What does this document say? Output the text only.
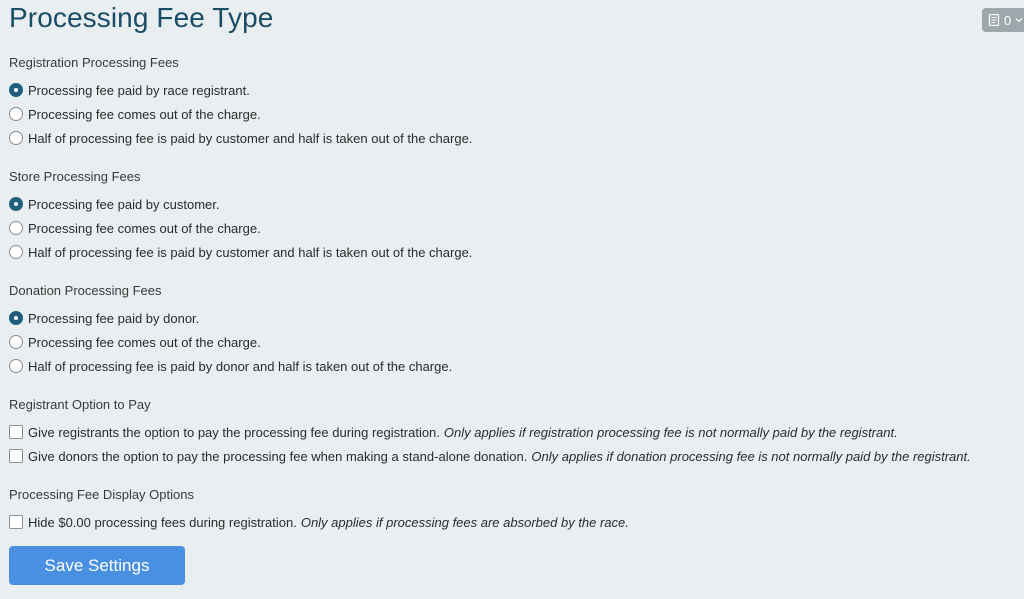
Processing Fee Type	0
Registration Processing Fees
Processing fee paid by race registrant.
Processing fee comes out of the charge.
Half of processing fee is paid by customer and half is taken out of the charge.
Store Processing Fees
Processing fee paid by customer.
Processing fee comes out of the charge.
Half of processing fee is paid by customer and half is taken out of the charge.
Donation Processing Fees
Processing fee paid by donor.
Processing fee comes out of the charge.
Half of processing fee is paid by donor and half is taken out of the charge.
Registrant Option to Pay
Give registrants the option to pay the processing fee during registration. Only applies if registration processing fee is not normally paid by the registrant.
Give donors the option to pay the processing fee when making a stand-alone donation. Only applies if donation processing fee is not normally paid by the registrant.
Processing Fee Display Options
Hide $0.00 processing fees during registration. Only applies if processing fees are absorbed by the race.
Save Settings
